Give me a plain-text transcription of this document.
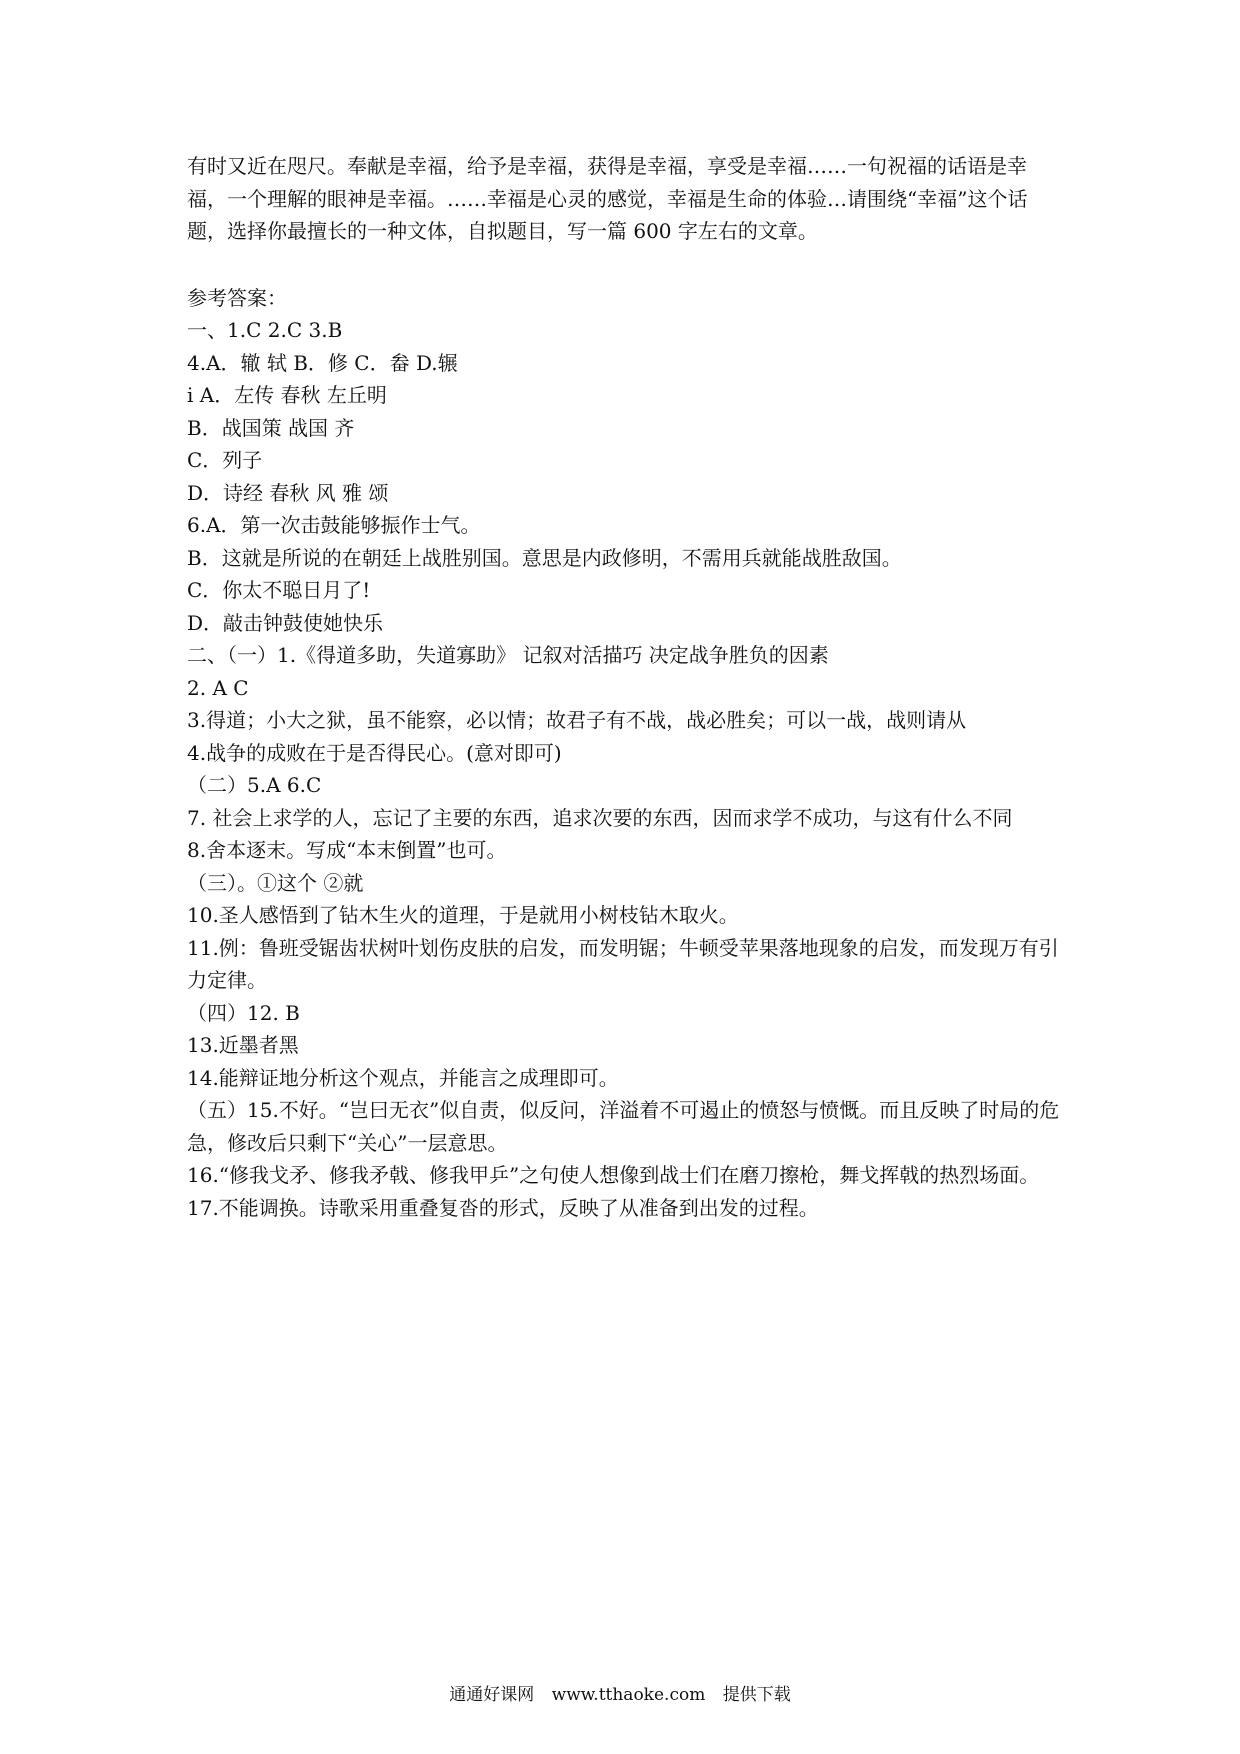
有时又近在咫尺。奉献是幸福，给予是幸福，获得是幸福，享受是幸福……一句祝福的话语是幸福，一个理解的眼神是幸福。……幸福是心灵的感觉，幸福是生命的体验…请围绕“幸福”这个话题，选择你最擅长的一种文体，自拟题目，写一篇 600 字左右的文章。

参考答案：

一、1.C 2.C 3.B

4.A．辙 轼 B．修 C．畚 D.辗

i A．左传 春秋 左丘明

B．战国策 战国 齐

C．列子

D．诗经 春秋 风 雅 颂

6.A．第一次击鼓能够振作士气。

B．这就是所说的在朝廷上战胜别国。意思是内政修明，不需用兵就能战胜敌国。

C．你太不聪日月了!

D．敲击钟鼓使她快乐

二、（一）1.《得道多助，失道寡助》 记叙对活描巧 决定战争胜负的因素

2. A C

3.得道；小大之狱，虽不能察，必以情；故君子有不战，战必胜矣；可以一战，战则请从

4.战争的成败在于是否得民心。(意对即可)

（二）5.A 6.C

7. 社会上求学的人，忘记了主要的东西，追求次要的东西，因而求学不成功，与这有什么不同

8.舍本逐末。写成“本末倒置”也可。

（三）。①这个 ②就

10.圣人感悟到了钻木生火的道理，于是就用小树枝钻木取火。

11.例：鲁班受锯齿状树叶划伤皮肤的启发，而发明锯；牛顿受苹果落地现象的启发，而发现万有引力定律。

（四）12. B

13.近墨者黑

14.能辩证地分析这个观点，并能言之成理即可。

（五）15.不好。“岂曰无衣”似自责，似反问，洋溢着不可遏止的愤怒与愤慨。而且反映了时局的危急，修改后只剩下“关心”一层意思。

16.“修我戈矛、修我矛戟、修我甲乒”之句使人想像到战士们在磨刀擦枪，舞戈挥戟的热烈场面。

17.不能调换。诗歌采用重叠复沓的形式，反映了从准备到出发的过程。

通通好课网 www.tthaoke.com 提供下载
